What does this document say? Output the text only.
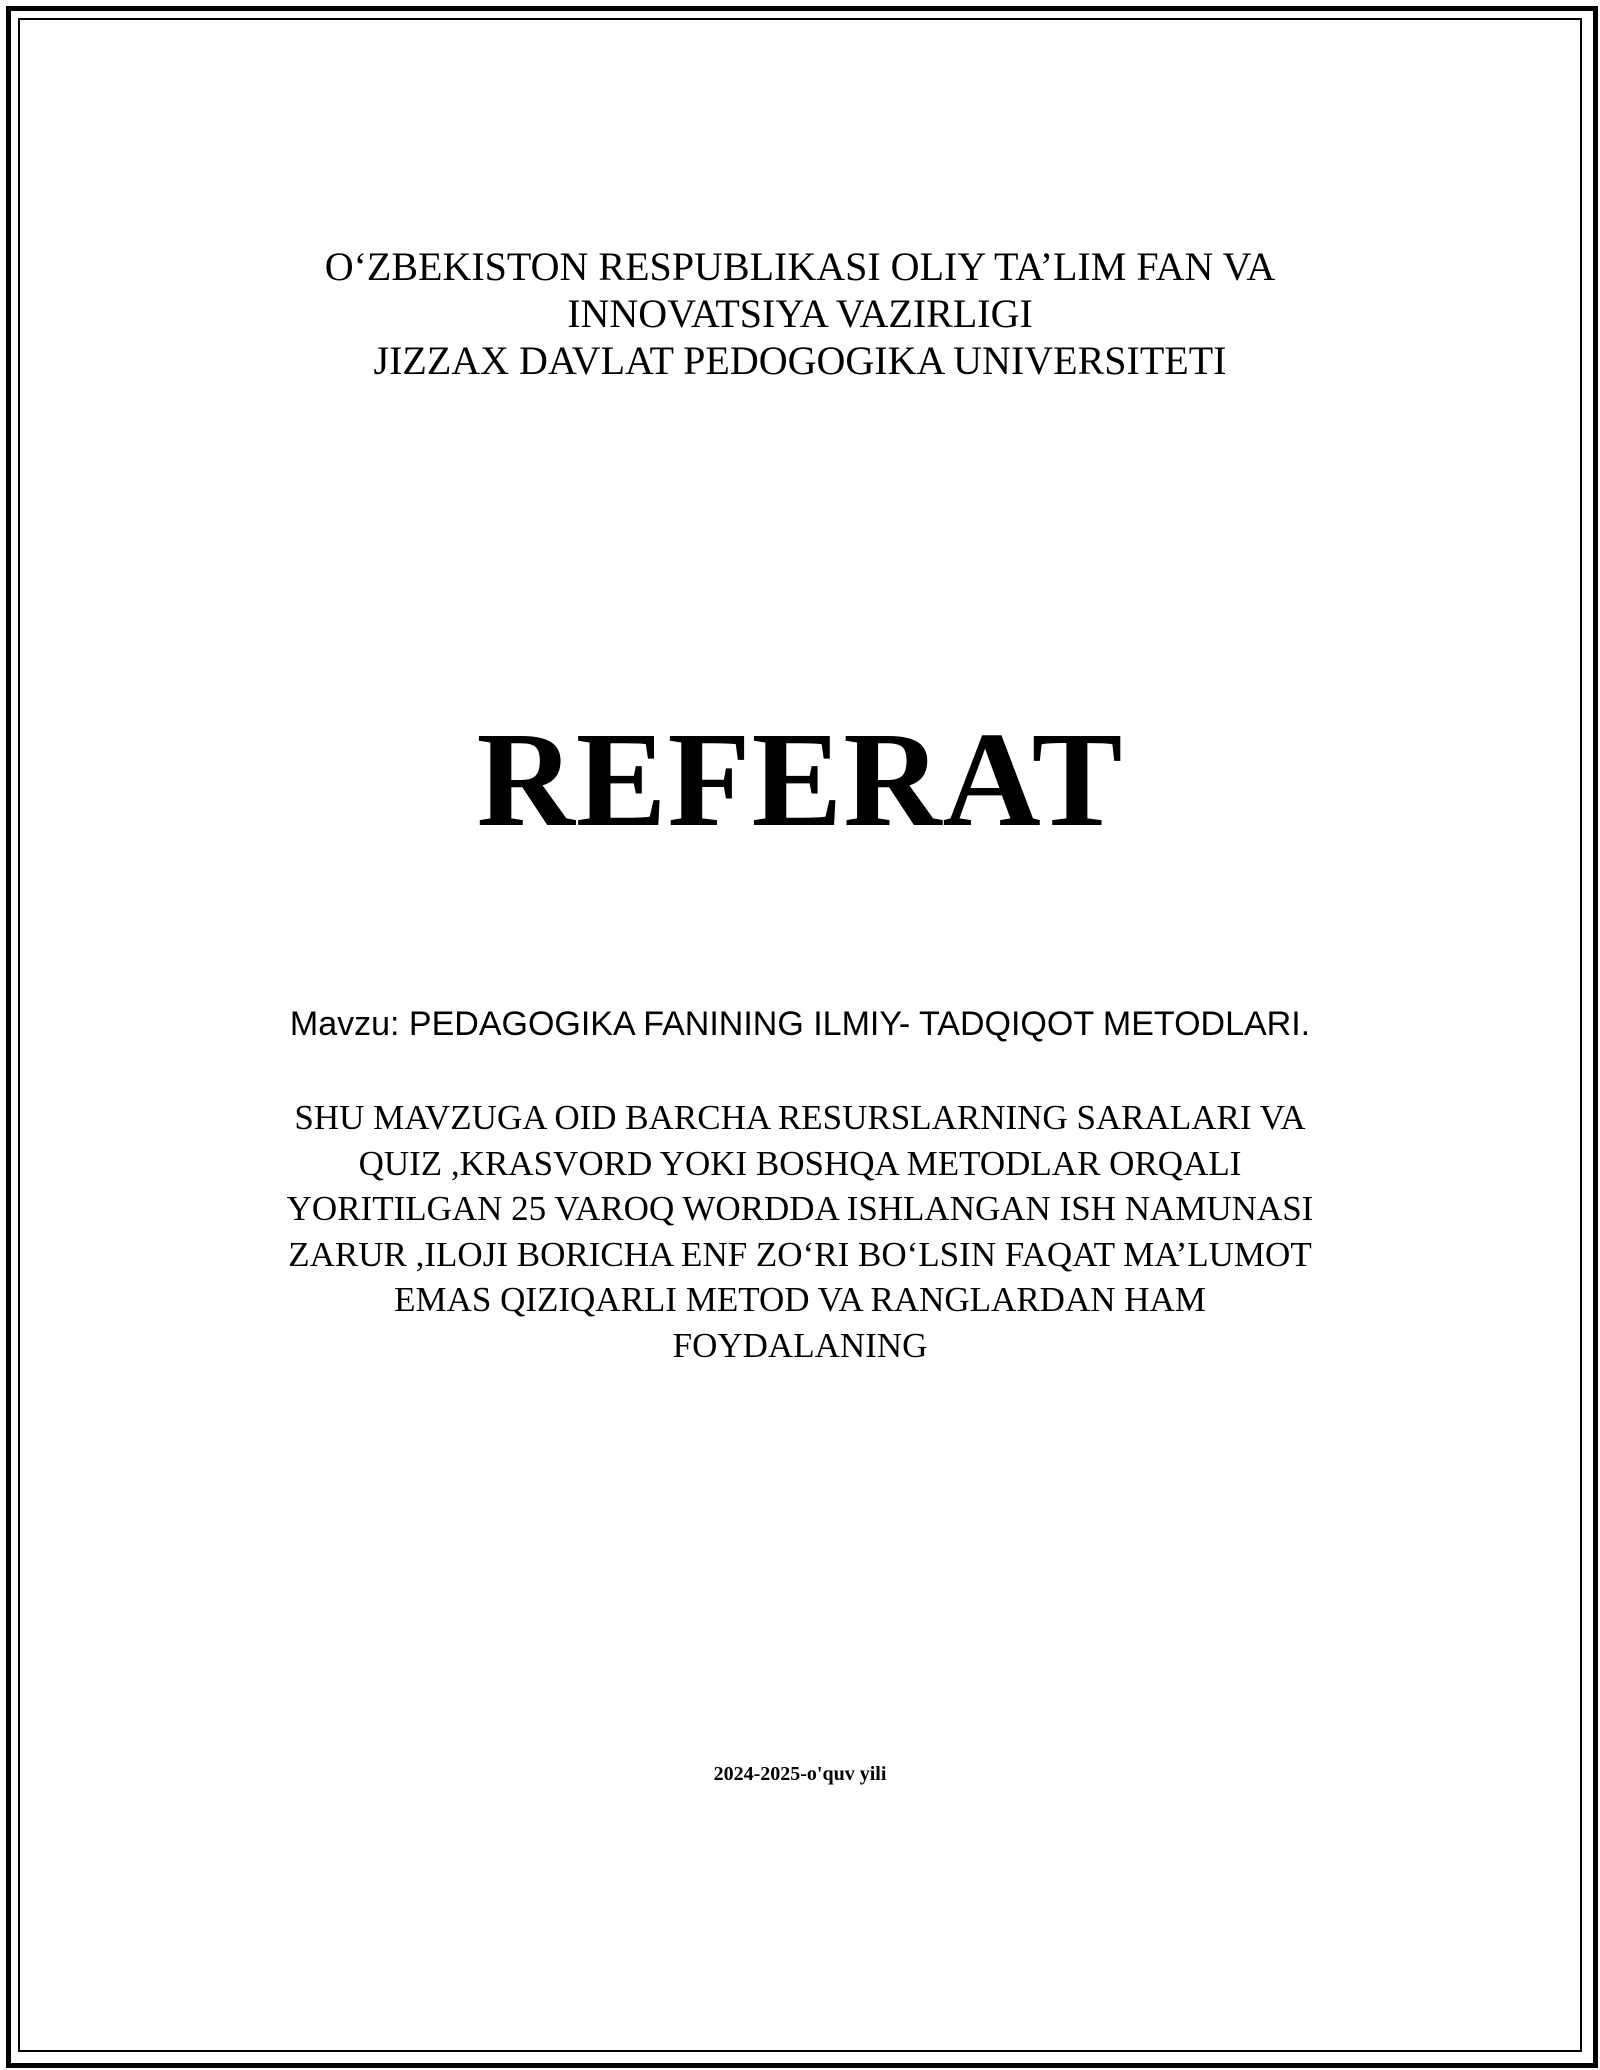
O‘ZBEKISTON RESPUBLIKASI OLIY TA’LIM FAN VA
INNOVATSIYA VAZIRLIGI
JIZZAX DAVLAT PEDOGOGIKA UNIVERSITETI
REFERAT
Mavzu: PEDAGOGIKA FANINING ILMIY- TADQIQOT METODLARI.
SHU MAVZUGA OID BARCHA RESURSLARNING SARALARI VA
QUIZ ,KRASVORD YOKI BOSHQA METODLAR ORQALI
YORITILGAN 25 VAROQ WORDDA ISHLANGAN ISH NAMUNASI
ZARUR ,ILOJI BORICHA ENF ZO‘RI BO‘LSIN FAQAT MA’LUMOT
EMAS QIZIQARLI METOD VA RANGLARDAN HAM
FOYDALANING
2024-2025-o'quv yili
